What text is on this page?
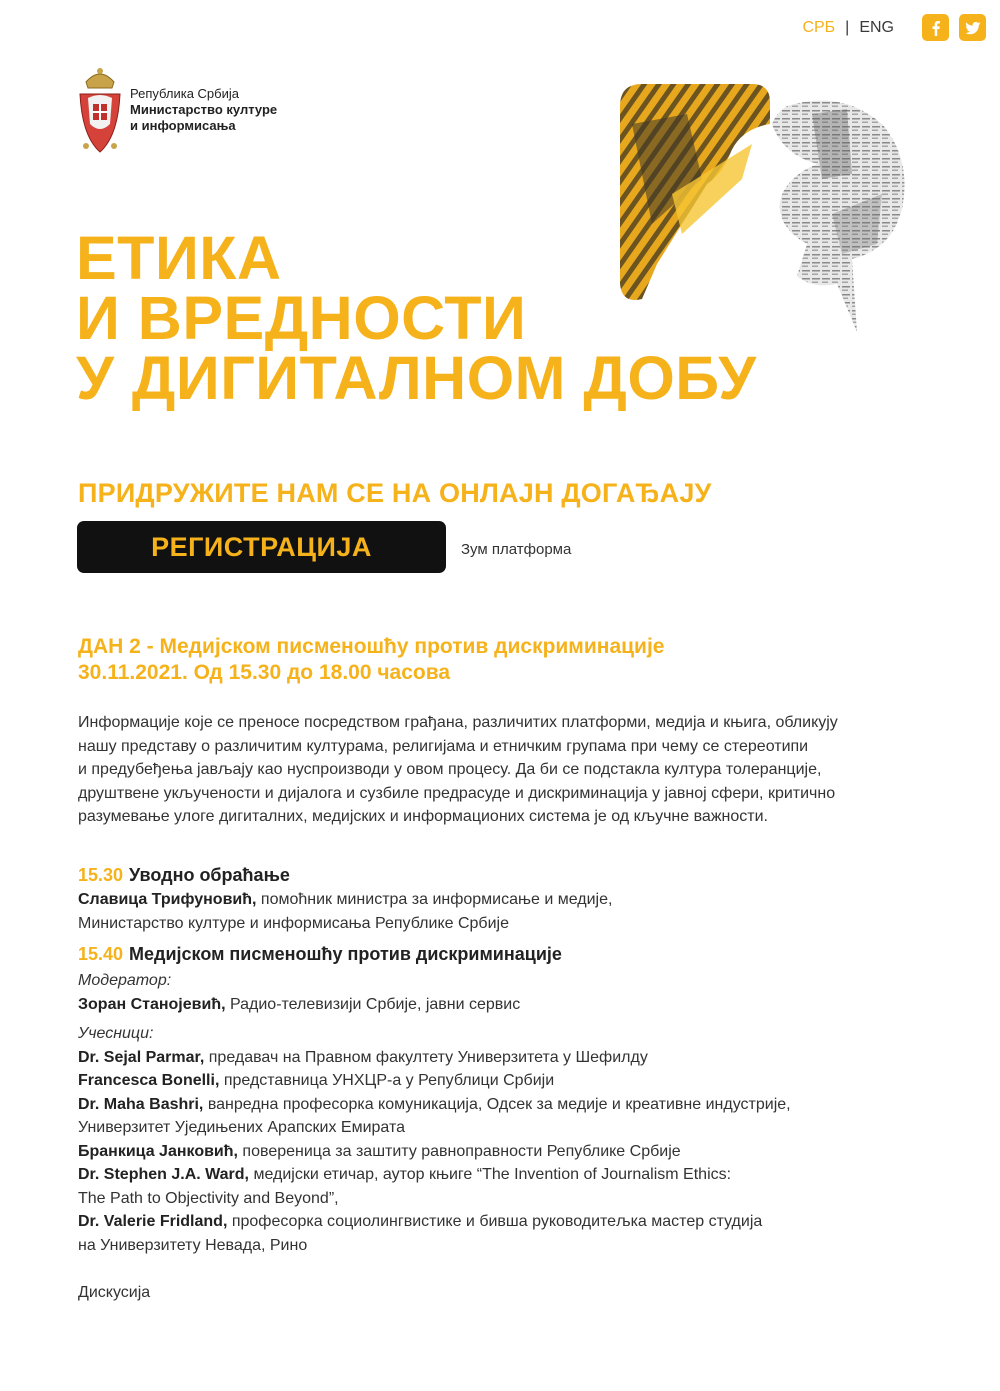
СРБ | ENG
Република Србија
Министарство културе
и информисања
ЕТИКА
И ВРЕДНОСТИ
У ДИГИТАЛНОМ ДОБУ
ПРИДРУЖИТЕ НАМ СЕ НА ОНЛАЈН ДОГАЂАЈУ
РЕГИСТРАЦИЈА	Зум платформа
ДАН 2 - Медијском писменошћу против дискриминације
30.11.2021. Од 15.30 до 18.00 часова
Информације које се преносе посредством грађана, различитих платформи, медија и књига, обликују
нашу представу о различитим културама, религијама и етничким групама при чему се стереотипи
и предубеђења јављају као нуспроизводи у овом процесу. Да би се подстакла култура толеранције,
друштвене укључености и дијалога и сузбиле предрасуде и дискриминација у јавној сфери, критично
разумевање улоге дигиталних, медијских и информационих система је од кључне важности.
15.30 Уводно обраћање
Славица Трифуновић, помоћник министра за информисање и медије,
Министарство културе и информисања Републике Србије
15.40 Медијском писменошћу против дискриминације
Модератор:
Зоран Станојевић, Радио-телевизији Србије, јавни сервис
Учесници:
Dr. Sejal Parmar, предавач на Правном факултету Универзитета у Шефилду
Francesca Bonelli, представница УНХЦР-а у Републици Србији
Dr. Maha Bashri, ванредна професорка комуникација, Одсек за медије и креативне индустрије,
Универзитет Уједињених Арапских Емирата
Бранкица Јанковић, повереница за заштиту равноправности Републике Србије
Dr. Stephen J.A. Ward, медијски етичар, аутор књиге “The Invention of Journalism Ethics:
The Path to Objectivity and Beyond”,
Dr. Valerie Fridland, професорка социолингвистике и бивша руководитељка мастер студија
на Универзитету Невада, Рино
Дискусија
